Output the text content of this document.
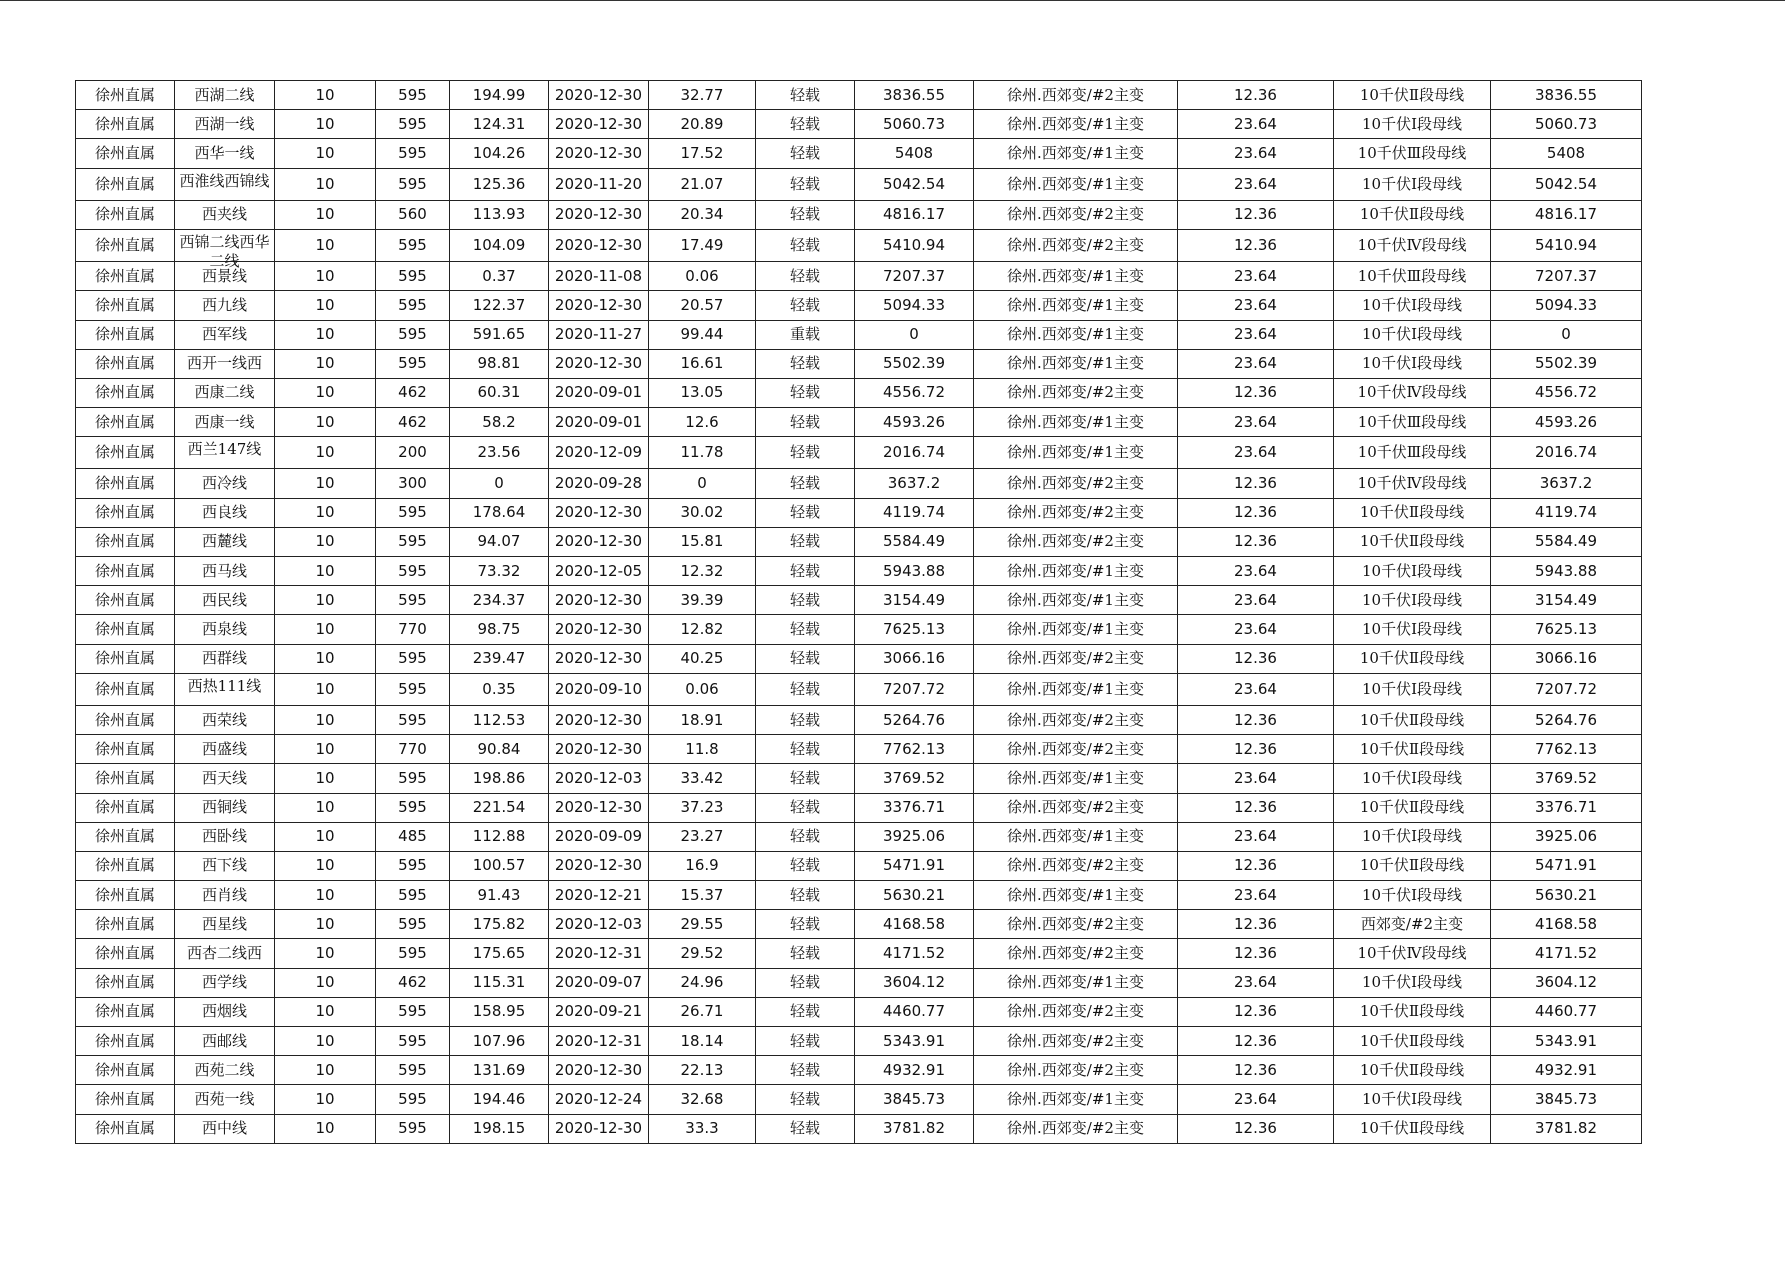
徐州直属	西湖二线	10	595	194.99	2020-12-30	32.77	轻载	3836.55	徐州.西郊变/#2主变	12.36	10千伏Ⅱ段母线	3836.55
徐州直属	西湖一线	10	595	124.31	2020-12-30	20.89	轻载	5060.73	徐州.西郊变/#1主变	23.64	10千伏Ⅰ段母线	5060.73
徐州直属	西华一线	10	595	104.26	2020-12-30	17.52	轻载	5408	徐州.西郊变/#1主变	23.64	10千伏Ⅲ段母线	5408
徐州直属	西淮线西锦线	10	595	125.36	2020-11-20	21.07	轻载	5042.54	徐州.西郊变/#1主变	23.64	10千伏Ⅰ段母线	5042.54
徐州直属	西夹线	10	560	113.93	2020-12-30	20.34	轻载	4816.17	徐州.西郊变/#2主变	12.36	10千伏Ⅱ段母线	4816.17
徐州直属	西锦二线西华二线	10	595	104.09	2020-12-30	17.49	轻载	5410.94	徐州.西郊变/#2主变	12.36	10千伏Ⅳ段母线	5410.94
徐州直属	西景线	10	595	0.37	2020-11-08	0.06	轻载	7207.37	徐州.西郊变/#1主变	23.64	10千伏Ⅲ段母线	7207.37
徐州直属	西九线	10	595	122.37	2020-12-30	20.57	轻载	5094.33	徐州.西郊变/#1主变	23.64	10千伏Ⅰ段母线	5094.33
徐州直属	西军线	10	595	591.65	2020-11-27	99.44	重载	0	徐州.西郊变/#1主变	23.64	10千伏Ⅰ段母线	0
徐州直属	西开一线西	10	595	98.81	2020-12-30	16.61	轻载	5502.39	徐州.西郊变/#1主变	23.64	10千伏Ⅰ段母线	5502.39
徐州直属	西康二线	10	462	60.31	2020-09-01	13.05	轻载	4556.72	徐州.西郊变/#2主变	12.36	10千伏Ⅳ段母线	4556.72
徐州直属	西康一线	10	462	58.2	2020-09-01	12.6	轻载	4593.26	徐州.西郊变/#1主变	23.64	10千伏Ⅲ段母线	4593.26
徐州直属	西兰147线	10	200	23.56	2020-12-09	11.78	轻载	2016.74	徐州.西郊变/#1主变	23.64	10千伏Ⅲ段母线	2016.74
徐州直属	西冷线	10	300	0	2020-09-28	0	轻载	3637.2	徐州.西郊变/#2主变	12.36	10千伏Ⅳ段母线	3637.2
徐州直属	西良线	10	595	178.64	2020-12-30	30.02	轻载	4119.74	徐州.西郊变/#2主变	12.36	10千伏Ⅱ段母线	4119.74
徐州直属	西麓线	10	595	94.07	2020-12-30	15.81	轻载	5584.49	徐州.西郊变/#2主变	12.36	10千伏Ⅱ段母线	5584.49
徐州直属	西马线	10	595	73.32	2020-12-05	12.32	轻载	5943.88	徐州.西郊变/#1主变	23.64	10千伏Ⅰ段母线	5943.88
徐州直属	西民线	10	595	234.37	2020-12-30	39.39	轻载	3154.49	徐州.西郊变/#1主变	23.64	10千伏Ⅰ段母线	3154.49
徐州直属	西泉线	10	770	98.75	2020-12-30	12.82	轻载	7625.13	徐州.西郊变/#1主变	23.64	10千伏Ⅰ段母线	7625.13
徐州直属	西群线	10	595	239.47	2020-12-30	40.25	轻载	3066.16	徐州.西郊变/#2主变	12.36	10千伏Ⅱ段母线	3066.16
徐州直属	西热111线	10	595	0.35	2020-09-10	0.06	轻载	7207.72	徐州.西郊变/#1主变	23.64	10千伏Ⅰ段母线	7207.72
徐州直属	西荣线	10	595	112.53	2020-12-30	18.91	轻载	5264.76	徐州.西郊变/#2主变	12.36	10千伏Ⅱ段母线	5264.76
徐州直属	西盛线	10	770	90.84	2020-12-30	11.8	轻载	7762.13	徐州.西郊变/#2主变	12.36	10千伏Ⅱ段母线	7762.13
徐州直属	西天线	10	595	198.86	2020-12-03	33.42	轻载	3769.52	徐州.西郊变/#1主变	23.64	10千伏Ⅰ段母线	3769.52
徐州直属	西铜线	10	595	221.54	2020-12-30	37.23	轻载	3376.71	徐州.西郊变/#2主变	12.36	10千伏Ⅱ段母线	3376.71
徐州直属	西卧线	10	485	112.88	2020-09-09	23.27	轻载	3925.06	徐州.西郊变/#1主变	23.64	10千伏Ⅰ段母线	3925.06
徐州直属	西下线	10	595	100.57	2020-12-30	16.9	轻载	5471.91	徐州.西郊变/#2主变	12.36	10千伏Ⅱ段母线	5471.91
徐州直属	西肖线	10	595	91.43	2020-12-21	15.37	轻载	5630.21	徐州.西郊变/#1主变	23.64	10千伏Ⅰ段母线	5630.21
徐州直属	西星线	10	595	175.82	2020-12-03	29.55	轻载	4168.58	徐州.西郊变/#2主变	12.36	西郊变/#2主变	4168.58
徐州直属	西杏二线西	10	595	175.65	2020-12-31	29.52	轻载	4171.52	徐州.西郊变/#2主变	12.36	10千伏Ⅳ段母线	4171.52
徐州直属	西学线	10	462	115.31	2020-09-07	24.96	轻载	3604.12	徐州.西郊变/#1主变	23.64	10千伏Ⅰ段母线	3604.12
徐州直属	西烟线	10	595	158.95	2020-09-21	26.71	轻载	4460.77	徐州.西郊变/#2主变	12.36	10千伏Ⅱ段母线	4460.77
徐州直属	西邮线	10	595	107.96	2020-12-31	18.14	轻载	5343.91	徐州.西郊变/#2主变	12.36	10千伏Ⅱ段母线	5343.91
徐州直属	西苑二线	10	595	131.69	2020-12-30	22.13	轻载	4932.91	徐州.西郊变/#2主变	12.36	10千伏Ⅱ段母线	4932.91
徐州直属	西苑一线	10	595	194.46	2020-12-24	32.68	轻载	3845.73	徐州.西郊变/#1主变	23.64	10千伏Ⅰ段母线	3845.73
徐州直属	西中线	10	595	198.15	2020-12-30	33.3	轻载	3781.82	徐州.西郊变/#2主变	12.36	10千伏Ⅱ段母线	3781.82
